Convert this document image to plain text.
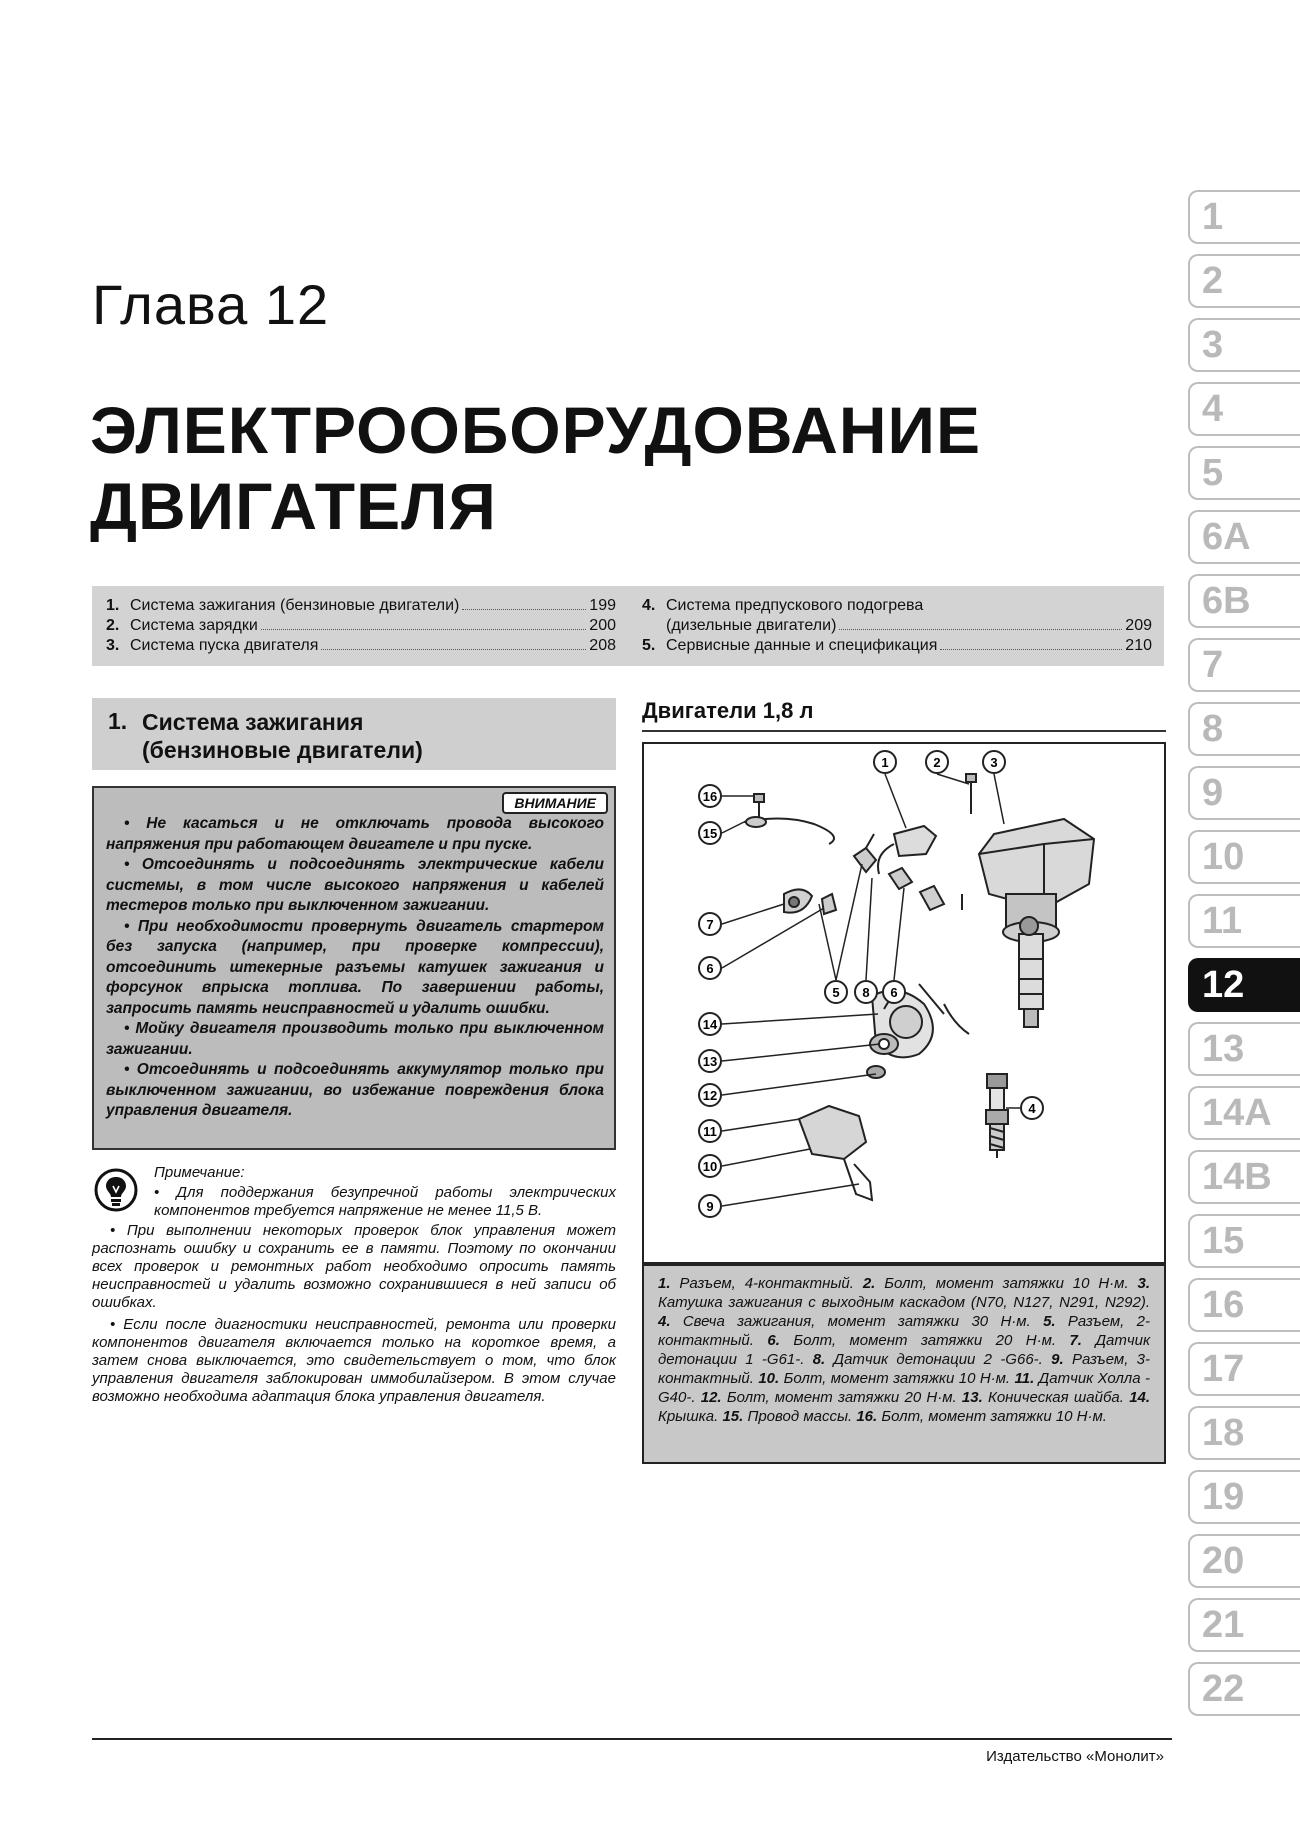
Глава 12
ЭЛЕКТРООБОРУДОВАНИЕ
ДВИГАТЕЛЯ
1. Система зажигания (бензиновые двигатели)	199
2. Система зарядки	200
3. Система пуска двигателя	208
4. Система предпускового подогрева
(дизельные двигатели)	209
5. Сервисные данные и спецификация	210
1. Система зажигания
(бензиновые двигатели)
ВНИМАНИЕ

• Не касаться и не отключать провода высокого напряжения при работающем двигателе и при пуске.

• Отсоединять и подсоединять электрические кабели системы, в том числе высокого напряжения и кабелей тестеров только при выключенном зажигании.

• При необходимости провернуть двигатель стартером без запуска (например, при проверке компрессии), отсоединить штекерные разъемы катушек зажигания и форсунок впрыска топлива. По завершении работы, запросить память неисправностей и удалить ошибки.

• Мойку двигателя производить только при выключенном зажигании.

• Отсоединять и подсоединять аккумулятор только при выключенном зажигании, во избежание повреждения блока управления двигателя.

Примечание:
• Для поддержания безупречной работы электрических компонентов требуется напряжение не менее 11,5 В.
• При выполнении некоторых проверок блок управления может распознать ошибку и сохранить ее в памяти. Поэтому по окончании всех проверок и ремонтных работ необходимо опросить память неисправностей и удалить возможно сохранившиеся в ней записи об ошибках.
• Если после диагностики неисправностей, ремонта или проверки компонентов двигателя включается только на короткое время, а затем снова выключается, это свидетельствует о том, что блок управления двигателя заблокирован иммобилайзером. В этом случае возможно необходима адаптация блока управления двигателя.
Двигатели 1,8 л
1	2	3
4
5	6
7
8
9
10
11
12
13
14
15
16
6
1. Разъем, 4-контактный. 2. Болт, момент затяжки 10 Н·м. 3. Катушка зажигания с выходным каскадом (N70, N127, N291, N292). 4. Свеча зажигания, момент затяжки 30 Н·м. 5. Разъем, 2-контактный. 6. Болт, момент затяжки 20 Н·м. 7. Датчик детонации 1 -G61-. 8. Датчик детонации 2 -G66-. 9. Разъем, 3-контактный. 10. Болт, момент затяжки 10 Н·м. 11. Датчик Холла -G40-. 12. Болт, момент затяжки 20 Н·м. 13. Коническая шайба. 14. Крышка. 15. Провод массы. 16. Болт, момент затяжки 10 Н·м.
1
2
3
4
5
6A
6B
7
8
9
10
11
12
13
14A
14B
15
16
17
18
19
20
21
22
Издательство «Монолит»
